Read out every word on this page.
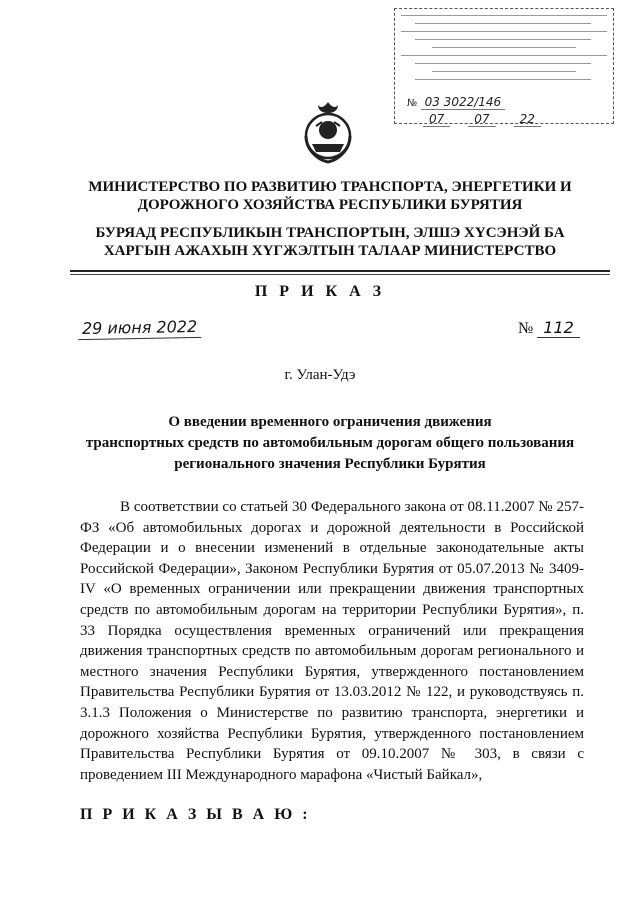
№ 03 3022/146
07	07	22
МИНИСТЕРСТВО ПО РАЗВИТИЮ ТРАНСПОРТА, ЭНЕРГЕТИКИ И
ДОРОЖНОГО ХОЗЯЙСТВА РЕСПУБЛИКИ БУРЯТИЯ
БУРЯАД РЕСПУБЛИКЫН ТРАНСПОРТЫН, ЭЛШЭ ХҮСЭНЭЙ БА
ХАРГЫН АЖАХЫН ХҮГЖЭЛТЫН ТАЛААР МИНИСТЕРСТВО
П Р И К А З
29 июня 2022	№ 112
г. Улан-Удэ
О введении временного ограничения движения
транспортных средств по автомобильным дорогам общего пользования
регионального значения Республики Бурятия
В соответствии со статьей 30 Федерального закона от 08.11.2007 № 257-ФЗ «Об автомобильных дорогах и дорожной деятельности в Российской Федерации и о внесении изменений в отдельные законодательные акты Российской Федерации», Законом Республики Бурятия от 05.07.2013 № 3409-IV «О временных ограничении или прекращении движения транспортных средств по автомобильным дорогам на территории Республики Бурятия», п. 33 Порядка осуществления временных ограничений или прекращения движения транспортных средств по автомобильным дорогам регионального и местного значения Республики Бурятия, утвержденного постановлением Правительства Республики Бурятия от 13.03.2012 № 122, и руководствуясь п. 3.1.3 Положения о Министерстве по развитию транспорта, энергетики и дорожного хозяйства Республики Бурятия, утвержденного постановлением Правительства Республики Бурятия от 09.10.2007 № 303, в связи с проведением III Международного марафона «Чистый Байкал»,
П Р И К А З Ы В А Ю :
